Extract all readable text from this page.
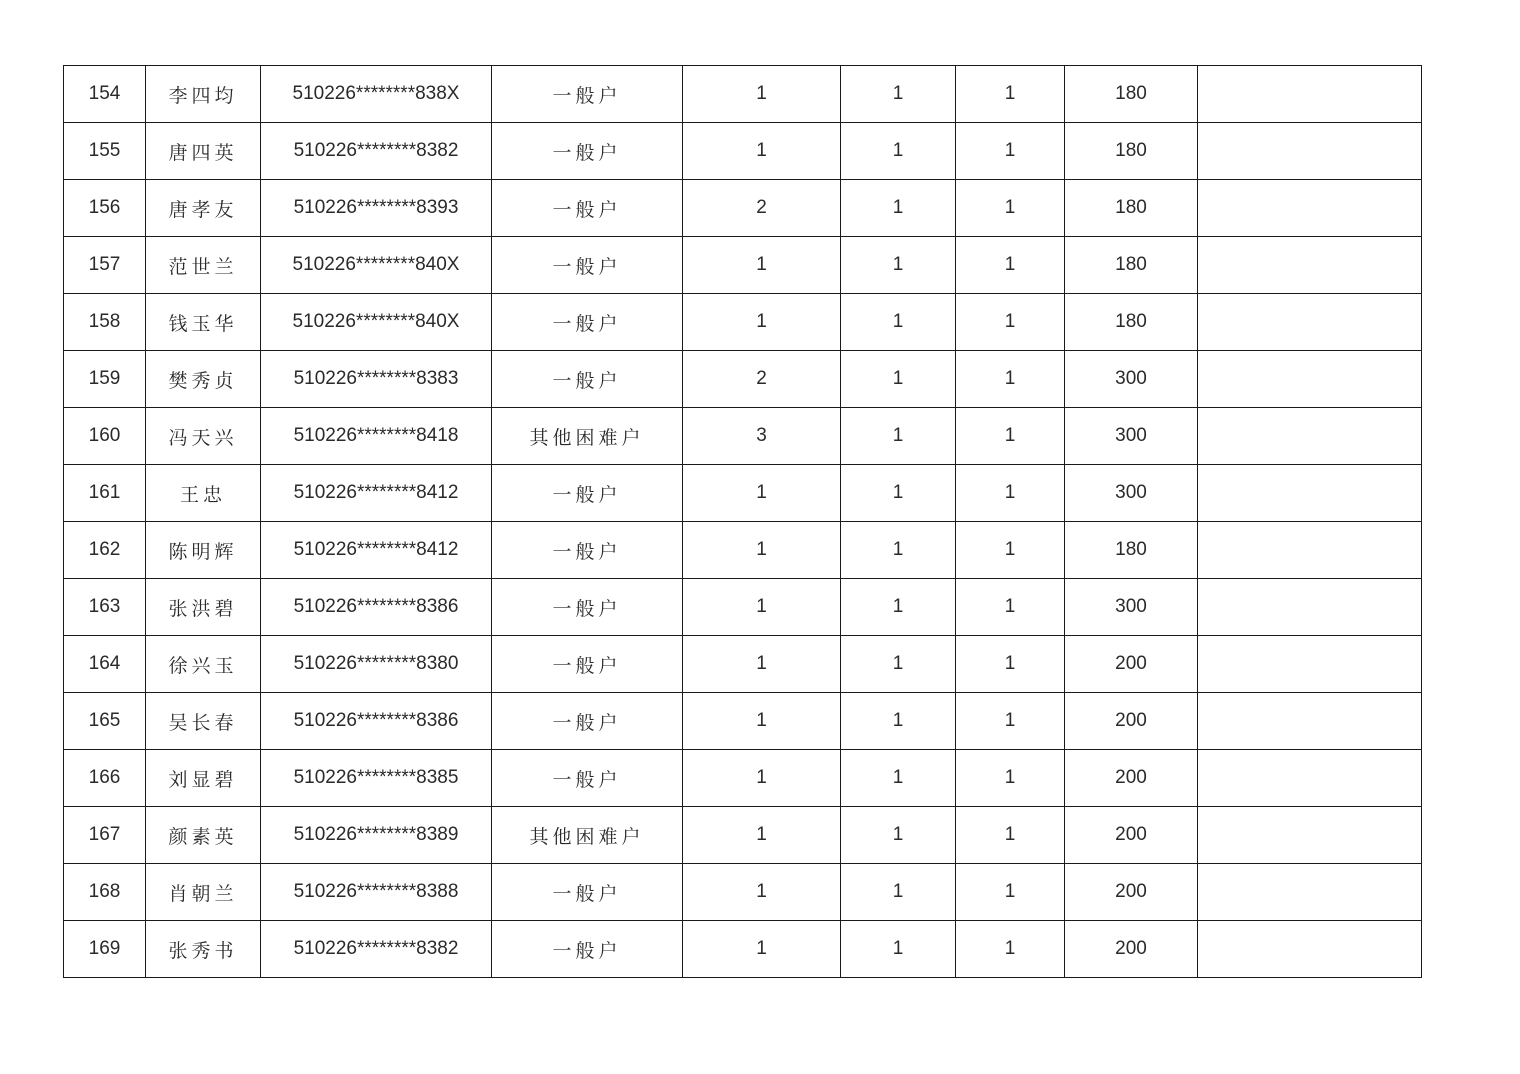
154	李四均	510226********838X	一般户	1	1	1	180	
155	唐四英	510226********8382	一般户	1	1	1	180	
156	唐孝友	510226********8393	一般户	2	1	1	180	
157	范世兰	510226********840X	一般户	1	1	1	180	
158	钱玉华	510226********840X	一般户	1	1	1	180	
159	樊秀贞	510226********8383	一般户	2	1	1	300	
160	冯天兴	510226********8418	其他困难户	3	1	1	300	
161	王忠	510226********8412	一般户	1	1	1	300	
162	陈明辉	510226********8412	一般户	1	1	1	180	
163	张洪碧	510226********8386	一般户	1	1	1	300	
164	徐兴玉	510226********8380	一般户	1	1	1	200	
165	吴长春	510226********8386	一般户	1	1	1	200	
166	刘显碧	510226********8385	一般户	1	1	1	200	
167	颜素英	510226********8389	其他困难户	1	1	1	200	
168	肖朝兰	510226********8388	一般户	1	1	1	200	
169	张秀书	510226********8382	一般户	1	1	1	200	
